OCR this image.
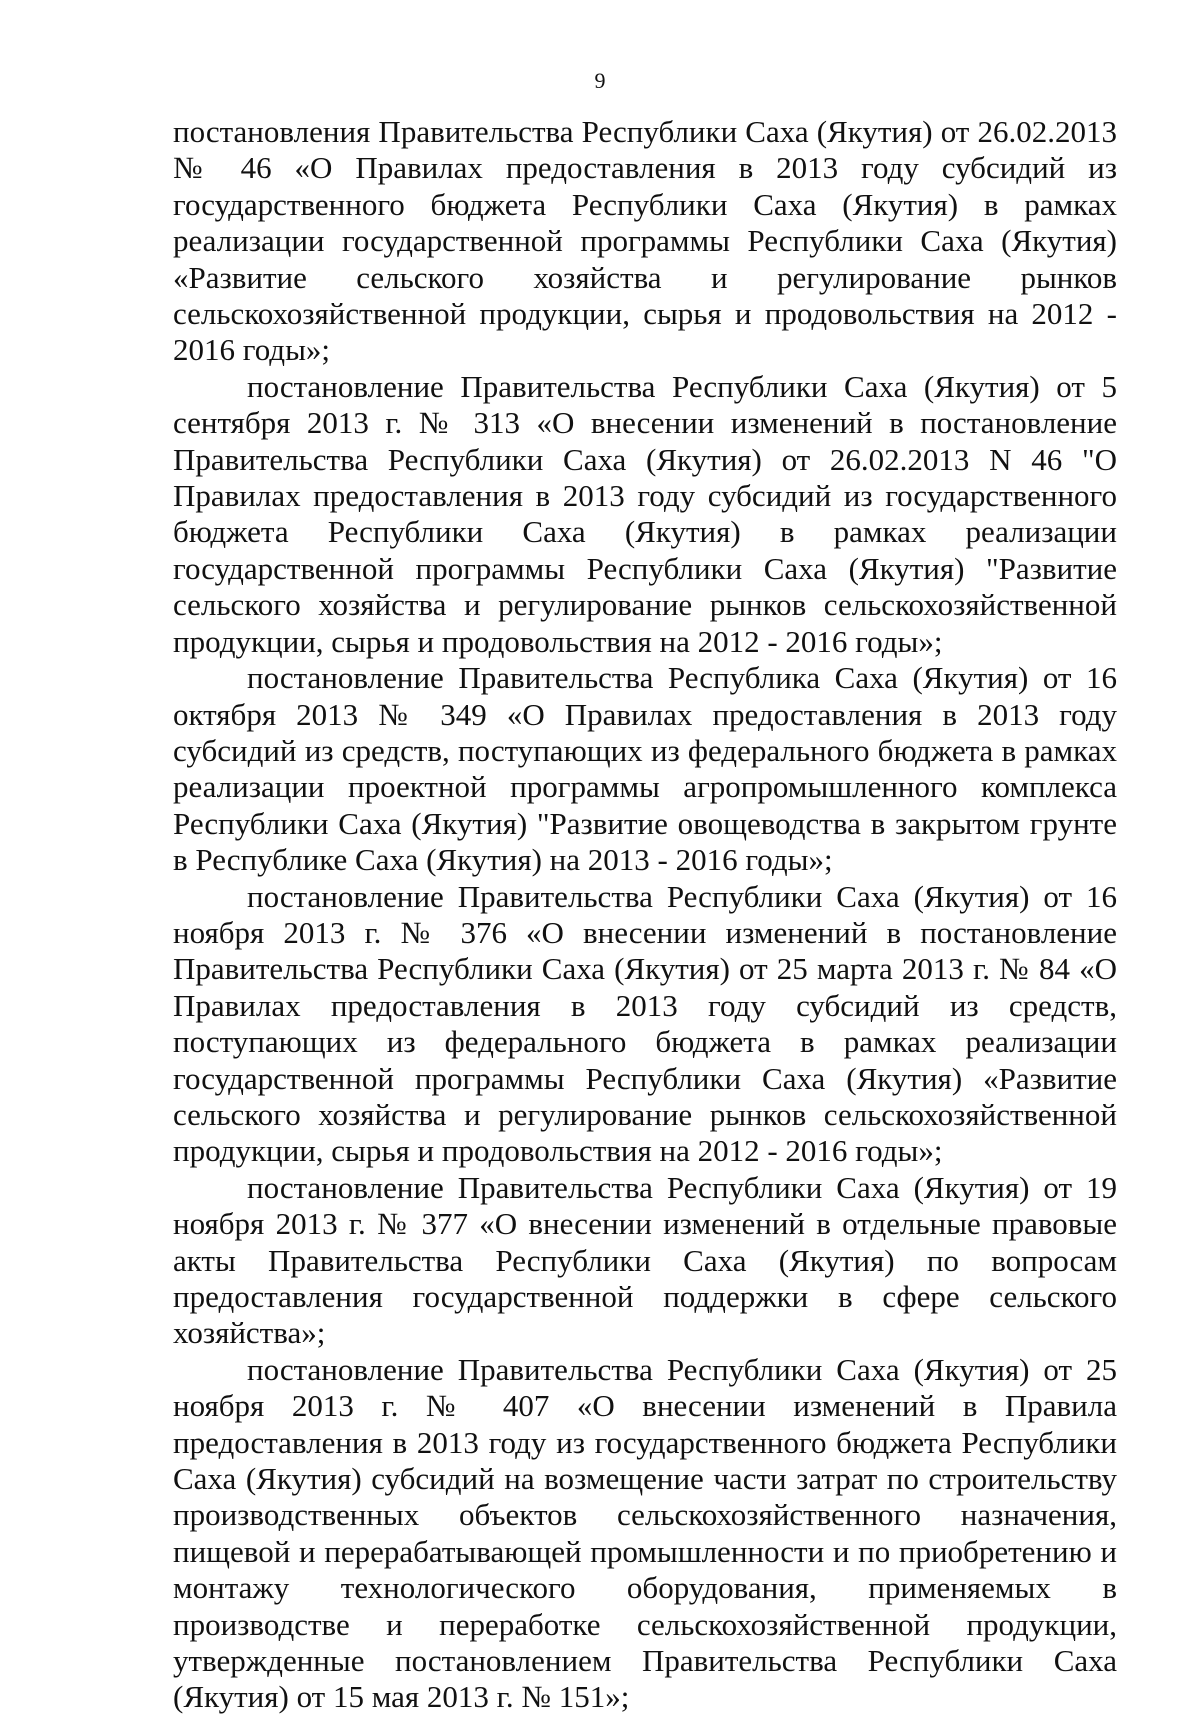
9

постановления Правительства Республики Саха (Якутия) от 26.02.2013 № 46 «О Правилах предоставления в 2013 году субсидий из государственного бюджета Республики Саха (Якутия) в рамках реализации государственной программы Республики Саха (Якутия) «Развитие сельского хозяйства и регулирование рынков сельскохозяйственной продукции, сырья и продовольствия на 2012 - 2016 годы»;

постановление Правительства Республики Саха (Якутия) от 5 сентября 2013 г. № 313 «О внесении изменений в постановление Правительства Республики Саха (Якутия) от 26.02.2013 N 46 "О Правилах предоставления в 2013 году субсидий из государственного бюджета Республики Саха (Якутия) в рамках реализации государственной программы Республики Саха (Якутия) "Развитие сельского хозяйства и регулирование рынков сельскохозяйственной продукции, сырья и продовольствия на 2012 - 2016 годы»;

постановление Правительства Республика Саха (Якутия) от 16 октября 2013 № 349 «О Правилах предоставления в 2013 году субсидий из средств, поступающих из федерального бюджета в рамках реализации проектной программы агропромышленного комплекса Республики Саха (Якутия) "Развитие овощеводства в закрытом грунте в Республике Саха (Якутия) на 2013 - 2016 годы»;

постановление Правительства Республики Саха (Якутия) от 16 ноября 2013 г. № 376 «О внесении изменений в постановление Правительства Республики Саха (Якутия) от 25 марта 2013 г. № 84 «О Правилах предоставления в 2013 году субсидий из средств, поступающих из федерального бюджета в рамках реализации государственной программы Республики Саха (Якутия) «Развитие сельского хозяйства и регулирование рынков сельскохозяйственной продукции, сырья и продовольствия на 2012 - 2016 годы»;

постановление Правительства Республики Саха (Якутия) от 19 ноября 2013 г. № 377 «О внесении изменений в отдельные правовые акты Правительства Республики Саха (Якутия) по вопросам предоставления государственной поддержки в сфере сельского хозяйства»;

постановление Правительства Республики Саха (Якутия) от 25 ноября 2013 г. № 407 «О внесении изменений в Правила предоставления в 2013 году из государственного бюджета Республики Саха (Якутия) субсидий на возмещение части затрат по строительству производственных объектов сельскохозяйственного назначения, пищевой и перерабатывающей промышленности и по приобретению и монтажу технологического оборудования, применяемых в производстве и переработке сельскохозяйственной продукции, утвержденные постановлением Правительства Республики Саха (Якутия) от 15 мая 2013 г. № 151»;
